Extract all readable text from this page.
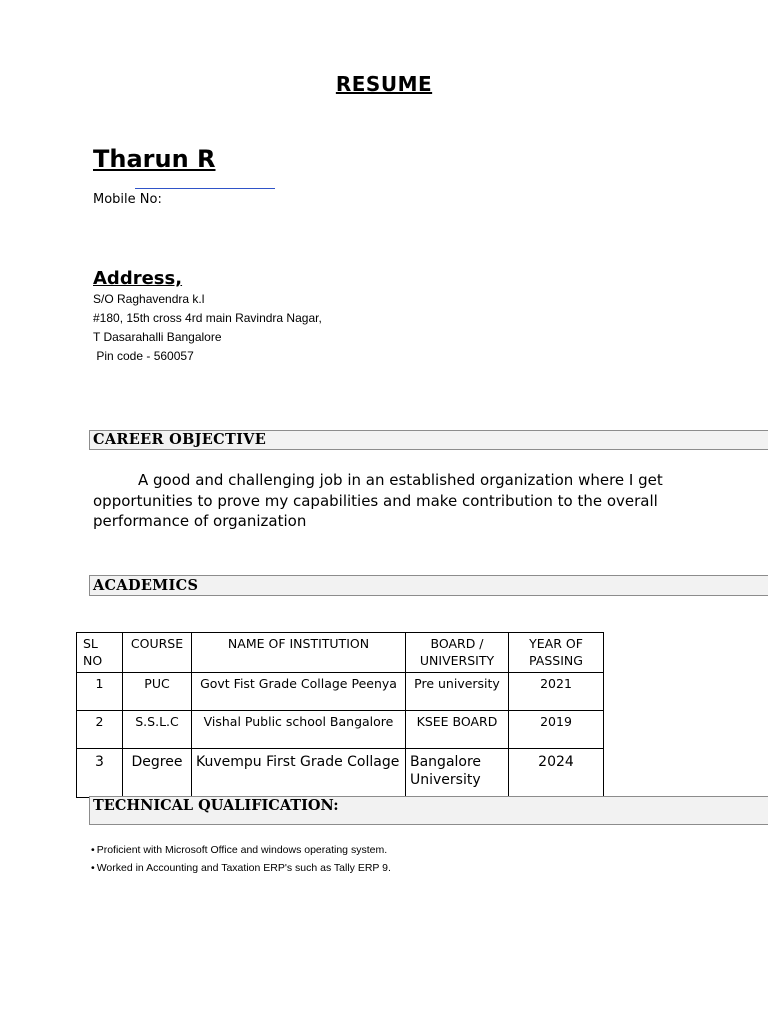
RESUME
Tharun R
Mobile No:
Address,
S/O Raghavendra k.l
#180, 15th cross 4rd main Ravindra Nagar,
T Dasarahalli Bangalore
Pin code - 560057
CAREER OBJECTIVE
A good and challenging job in an established organization where I get opportunities to prove my capabilities and make contribution to the overall performance of organization
ACADEMICS
SL NO	COURSE	NAME OF INSTITUTION	BOARD / UNIVERSITY	YEAR OF PASSING
1	PUC	Govt Fist Grade Collage Peenya	Pre university	2021
2	S.S.L.C	Vishal Public school Bangalore	KSEE BOARD	2019
3	Degree	Kuvempu First Grade Collage	Bangalore University	2024
TECHNICAL QUALIFICATION:
• Proficient with Microsoft Office and windows operating system.
• Worked in Accounting and Taxation ERP's such as Tally ERP 9.
